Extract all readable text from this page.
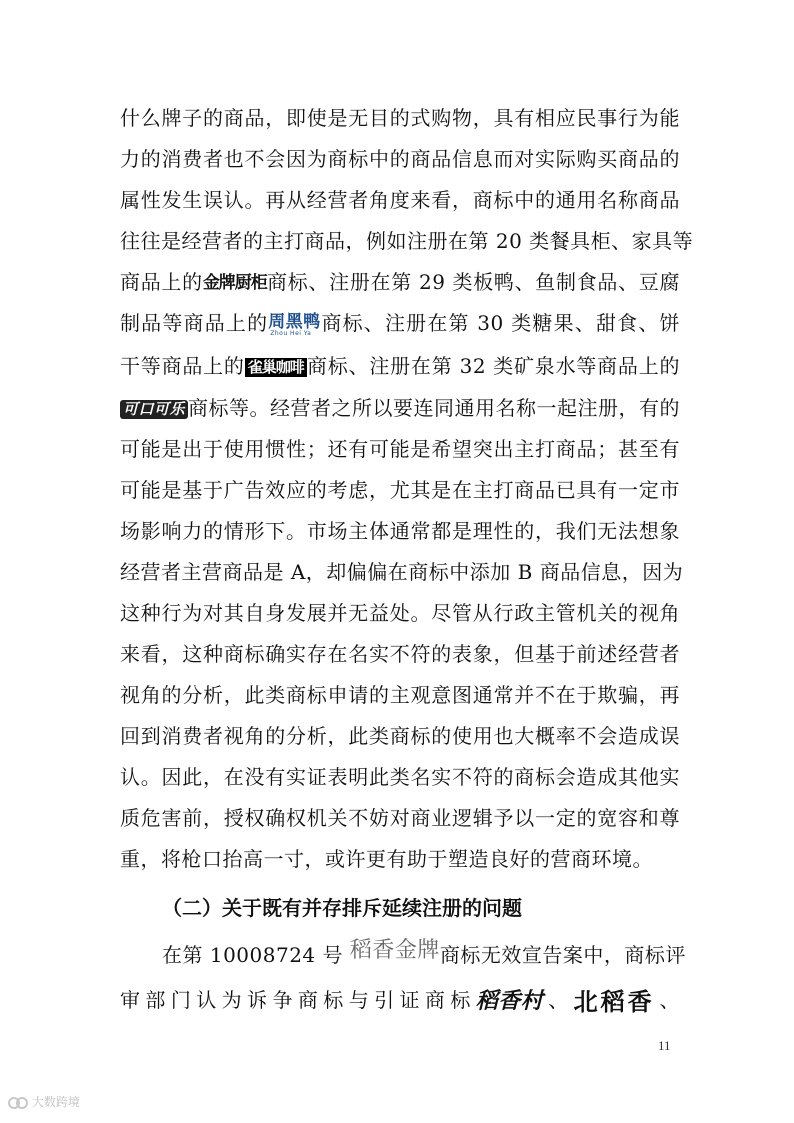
什么牌子的商品，即使是无目的式购物，具有相应民事行为能
力的消费者也不会因为商标中的商品信息而对实际购买商品的
属性发生误认。再从经营者角度来看，商标中的通用名称商品
往往是经营者的主打商品，例如注册在第 20 类餐具柜、家具等
商品上的金牌厨柜商标、注册在第 29 类板鸭、鱼制食品、豆腐
制品等商品上的周黑鸭
Zhou Hei Ya 商标、注册在第 30 类糖果、甜食、饼
干等商品上的 雀巢咖啡 商标、注册在第 32 类矿泉水等商品上的
可口可乐 商标等。经营者之所以要连同通用名称一起注册，有的
可能是出于使用惯性；还有可能是希望突出主打商品；甚至有
可能是基于广告效应的考虑，尤其是在主打商品已具有一定市
场影响力的情形下。市场主体通常都是理性的，我们无法想象
经营者主营商品是 A，却偏偏在商标中添加 B 商品信息，因为
这种行为对其自身发展并无益处。尽管从行政主管机关的视角
来看，这种商标确实存在名实不符的表象，但基于前述经营者
视角的分析，此类商标申请的主观意图通常并不在于欺骗，再
回到消费者视角的分析，此类商标的使用也大概率不会造成误
认。因此，在没有实证表明此类名实不符的商标会造成其他实
质危害前，授权确权机关不妨对商业逻辑予以一定的宽容和尊
重，将枪口抬高一寸，或许更有助于塑造良好的营商环境。
（二）关于既有并存排斥延续注册的问题
在第 10008724 号 稻香金牌商标无效宣告案中，商标评
审部门认为诉争商标与引证商标稻香村、北稻香、
11
大数跨境
